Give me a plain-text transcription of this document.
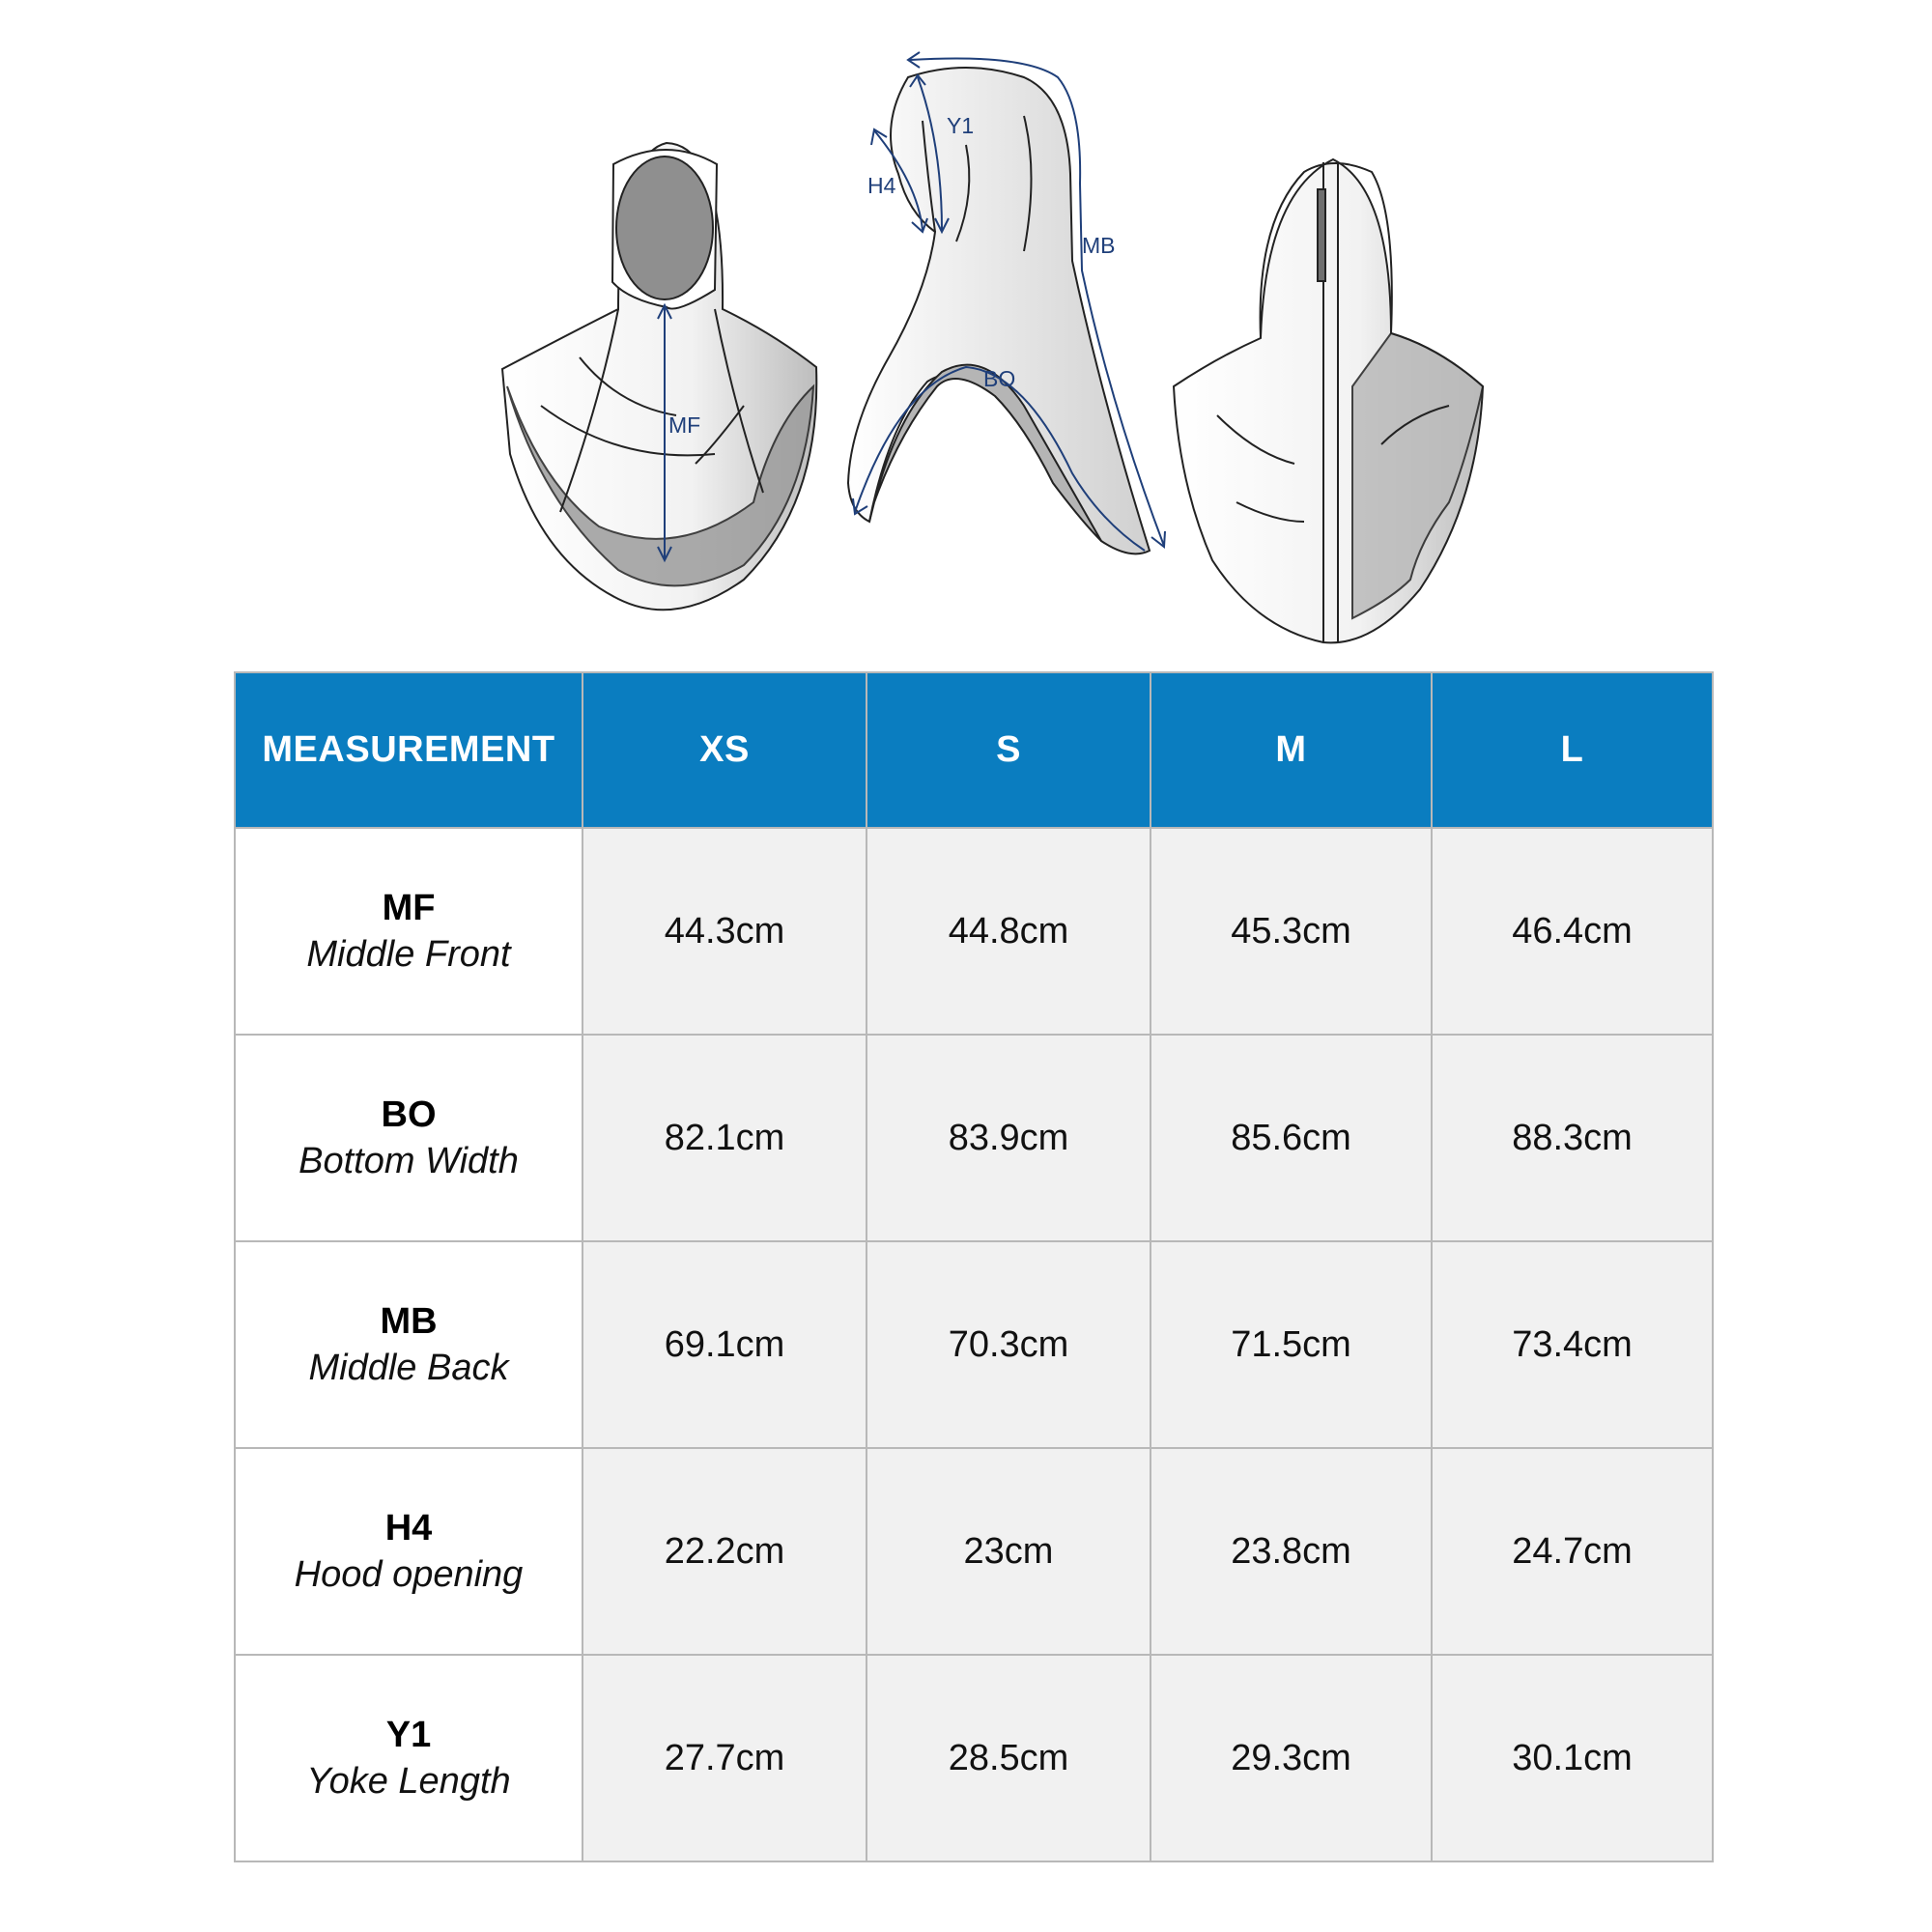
MF
Y1
H4
MB
BO
MEASUREMENT	XS	S	M	L

MF
Middle Front	44.3cm	44.8cm	45.3cm	46.4cm

BO
Bottom Width	82.1cm	83.9cm	85.6cm	88.3cm

MB
Middle Back	69.1cm	70.3cm	71.5cm	73.4cm

H4
Hood opening	22.2cm	23cm	23.8cm	24.7cm

Y1
Yoke Length	27.7cm	28.5cm	29.3cm	30.1cm
